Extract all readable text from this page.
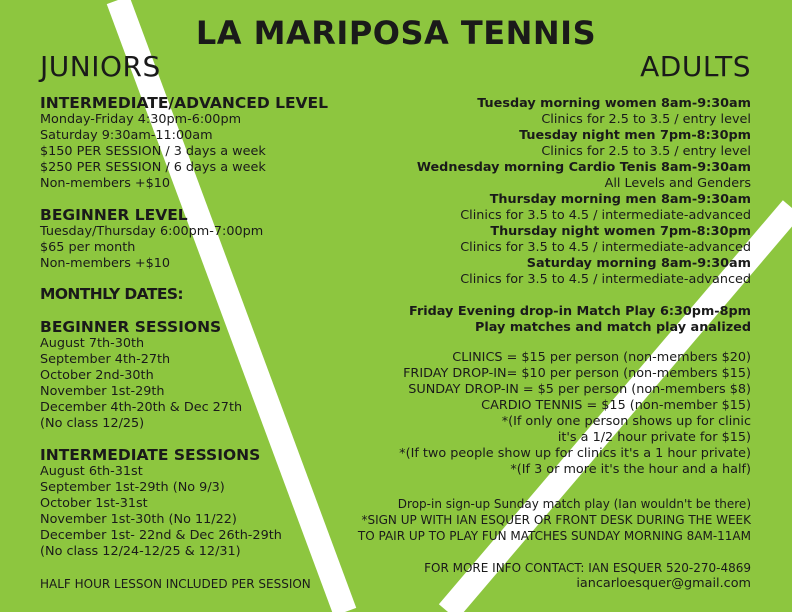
LA MARIPOSA TENNIS
JUNIORS	ADULTS
INTERMEDIATE/ADVANCED LEVEL
Monday-Friday 4:30pm-6:00pm
Saturday 9:30am-11:00am
$150 PER SESSION / 3 days a week
$250 PER SESSION / 6 days a week
Non-members +$10
BEGINNER LEVEL
Tuesday/Thursday 6:00pm-7:00pm
$65 per month
Non-members +$10
MONTHLY DATES:
BEGINNER SESSIONS
August 7th-30th
September 4th-27th
October 2nd-30th
November 1st-29th
December 4th-20th & Dec 27th
(No class 12/25)
INTERMEDIATE SESSIONS
August 6th-31st
September 1st-29th (No 9/3)
October 1st-31st
November 1st-30th (No 11/22)
December 1st- 22nd & Dec 26th-29th
(No class 12/24-12/25 & 12/31)
HALF HOUR LESSON INCLUDED PER SESSION
Tuesday morning women 8am-9:30am
Clinics for 2.5 to 3.5 / entry level
Tuesday night men 7pm-8:30pm
Clinics for 2.5 to 3.5 / entry level
Wednesday morning Cardio Tenis 8am-9:30am
All Levels and Genders
Thursday morning men 8am-9:30am
Clinics for 3.5 to 4.5 / intermediate-advanced
Thursday night women 7pm-8:30pm
Clinics for 3.5 to 4.5 / intermediate-advanced
Saturday morning 8am-9:30am
Clinics for 3.5 to 4.5 / intermediate-advanced
Friday Evening drop-in Match Play 6:30pm-8pm
Play matches and match play analized
CLINICS = $15 per person (non-members $20)
FRIDAY DROP-IN= $10 per person (non-members $15)
SUNDAY DROP-IN = $5 per person (non-members $8)
CARDIO TENNIS = $15 (non-member $15)
*(If only one person shows up for clinic
it's a 1/2 hour private for $15)
*(If two people show up for clinics it's a 1 hour private)
*(If 3 or more it's the hour and a half)
Drop-in sign-up Sunday match play (Ian wouldn't be there)
*SIGN UP WITH IAN ESQUER OR FRONT DESK DURING THE WEEK
TO PAIR UP TO PLAY FUN MATCHES SUNDAY MORNING 8AM-11AM
FOR MORE INFO CONTACT: IAN ESQUER 520-270-4869
iancarloesquer@gmail.com
